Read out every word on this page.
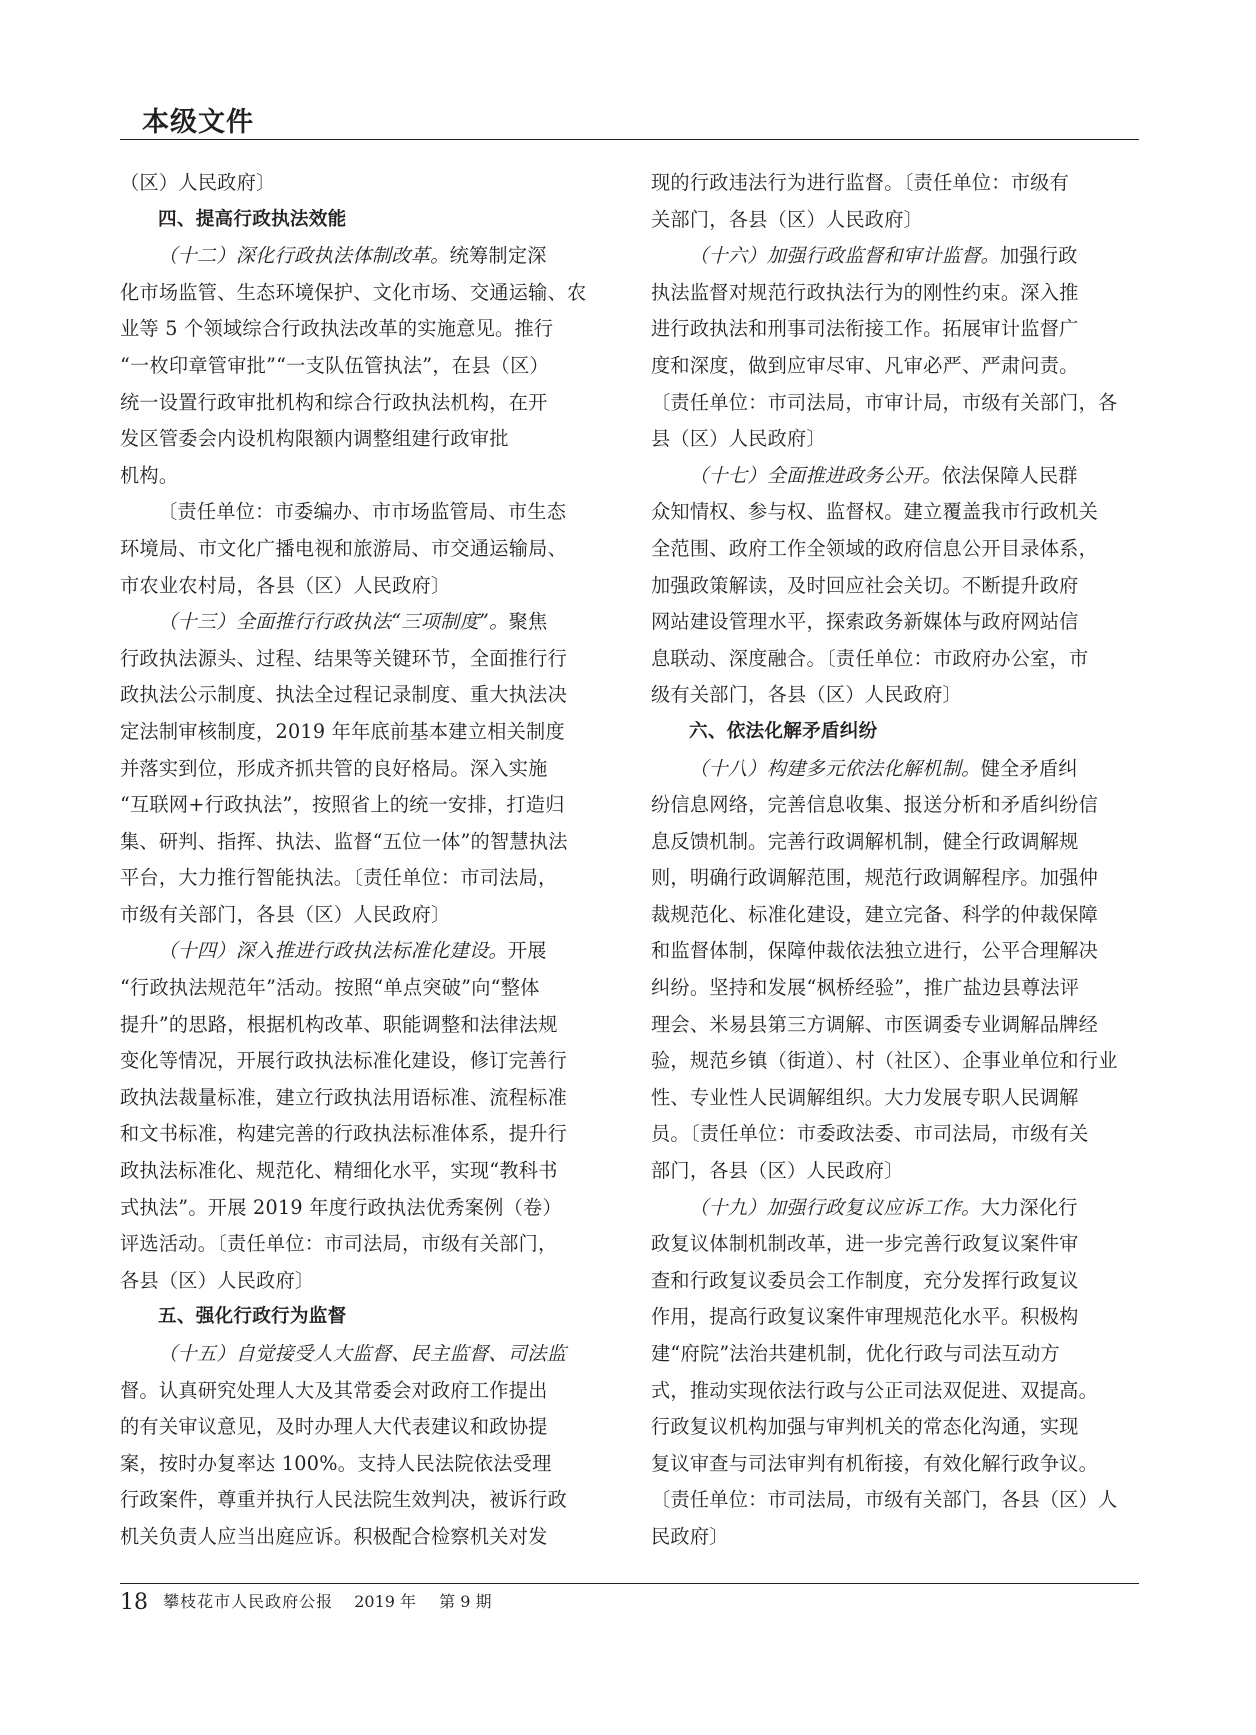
本级文件
（区）人民政府〕
四、提高行政执法效能
（十二）深化行政执法体制改革。统筹制定深
化市场监管、生态环境保护、文化市场、交通运输、农
业等 5 个领域综合行政执法改革的实施意见。推行
“一枚印章管审批”“一支队伍管执法”，在县（区）
统一设置行政审批机构和综合行政执法机构，在开
发区管委会内设机构限额内调整组建行政审批
机构。
〔责任单位：市委编办、市市场监管局、市生态
环境局、市文化广播电视和旅游局、市交通运输局、
市农业农村局，各县（区）人民政府〕
（十三）全面推行行政执法“三项制度”。聚焦
行政执法源头、过程、结果等关键环节，全面推行行
政执法公示制度、执法全过程记录制度、重大执法决
定法制审核制度，2019 年年底前基本建立相关制度
并落实到位，形成齐抓共管的良好格局。深入实施
“互联网+行政执法”，按照省上的统一安排，打造归
集、研判、指挥、执法、监督“五位一体”的智慧执法
平台，大力推行智能执法。〔责任单位：市司法局，
市级有关部门，各县（区）人民政府〕
（十四）深入推进行政执法标准化建设。开展
“行政执法规范年”活动。按照“单点突破”向“整体
提升”的思路，根据机构改革、职能调整和法律法规
变化等情况，开展行政执法标准化建设，修订完善行
政执法裁量标准，建立行政执法用语标准、流程标准
和文书标准，构建完善的行政执法标准体系，提升行
政执法标准化、规范化、精细化水平，实现“教科书
式执法”。开展 2019 年度行政执法优秀案例（卷）
评选活动。〔责任单位：市司法局，市级有关部门，
各县（区）人民政府〕
五、强化行政行为监督
（十五）自觉接受人大监督、民主监督、司法监
督。认真研究处理人大及其常委会对政府工作提出
的有关审议意见，及时办理人大代表建议和政协提
案，按时办复率达 100%。支持人民法院依法受理
行政案件，尊重并执行人民法院生效判决，被诉行政
机关负责人应当出庭应诉。积极配合检察机关对发
现的行政违法行为进行监督。〔责任单位：市级有
关部门，各县（区）人民政府〕
（十六）加强行政监督和审计监督。加强行政
执法监督对规范行政执法行为的刚性约束。深入推
进行政执法和刑事司法衔接工作。拓展审计监督广
度和深度，做到应审尽审、凡审必严、严肃问责。
〔责任单位：市司法局，市审计局，市级有关部门，各
县（区）人民政府〕
（十七）全面推进政务公开。依法保障人民群
众知情权、参与权、监督权。建立覆盖我市行政机关
全范围、政府工作全领域的政府信息公开目录体系，
加强政策解读，及时回应社会关切。不断提升政府
网站建设管理水平，探索政务新媒体与政府网站信
息联动、深度融合。〔责任单位：市政府办公室，市
级有关部门，各县（区）人民政府〕
六、依法化解矛盾纠纷
（十八）构建多元依法化解机制。健全矛盾纠
纷信息网络，完善信息收集、报送分析和矛盾纠纷信
息反馈机制。完善行政调解机制，健全行政调解规
则，明确行政调解范围，规范行政调解程序。加强仲
裁规范化、标准化建设，建立完备、科学的仲裁保障
和监督体制，保障仲裁依法独立进行，公平合理解决
纠纷。坚持和发展“枫桥经验”，推广盐边县尊法评
理会、米易县第三方调解、市医调委专业调解品牌经
验，规范乡镇（街道）、村（社区）、企事业单位和行业
性、专业性人民调解组织。大力发展专职人民调解
员。〔责任单位：市委政法委、市司法局，市级有关
部门，各县（区）人民政府〕
（十九）加强行政复议应诉工作。大力深化行
政复议体制机制改革，进一步完善行政复议案件审
查和行政复议委员会工作制度，充分发挥行政复议
作用，提高行政复议案件审理规范化水平。积极构
建“府院”法治共建机制，优化行政与司法互动方
式，推动实现依法行政与公正司法双促进、双提高。
行政复议机构加强与审判机关的常态化沟通，实现
复议审查与司法审判有机衔接，有效化解行政争议。
〔责任单位：市司法局，市级有关部门，各县（区）人
民政府〕
18 攀枝花市人民政府公报 2019 年 第 9 期
